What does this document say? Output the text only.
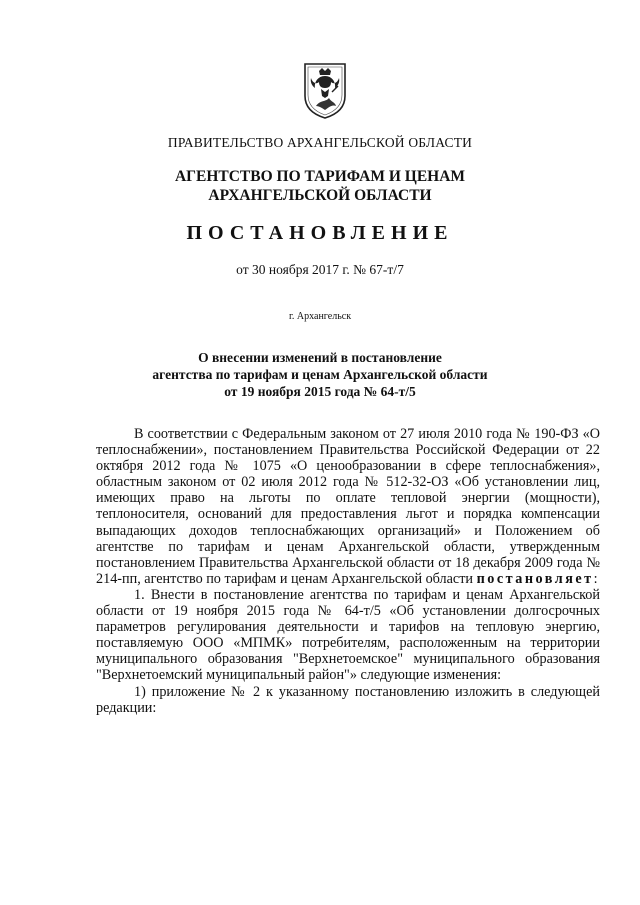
ПРАВИТЕЛЬСТВО АРХАНГЕЛЬСКОЙ ОБЛАСТИ
АГЕНТСТВО ПО ТАРИФАМ И ЦЕНАМ
АРХАНГЕЛЬСКОЙ ОБЛАСТИ
ПОСТАНОВЛЕНИЕ
от 30 ноября 2017 г. № 67-т/7
г. Архангельск
О внесении изменений в постановление
агентства по тарифам и ценам Архангельской области
от 19 ноября 2015 года № 64-т/5

В соответствии с Федеральным законом от 27 июля 2010 года № 190-ФЗ «О теплоснабжении», постановлением Правительства Российской Федерации от 22 октября 2012 года № 1075 «О ценообразовании в сфере теплоснабжения», областным законом от 02 июля 2012 года № 512-32-ОЗ «Об установлении лиц, имеющих право на льготы по оплате тепловой энергии (мощности), теплоносителя, оснований для предоставления льгот и порядка компенсации выпадающих доходов теплоснабжающих организаций» и Положением об агентстве по тарифам и ценам Архангельской области, утвержденным постановлением Правительства Архангельской области от 18 декабря 2009 года № 214-пп, агентство по тарифам и ценам Архангельской области постановляет:

1. Внести в постановление агентства по тарифам и ценам Архангельской области от 19 ноября 2015 года № 64-т/5 «Об установлении долгосрочных параметров регулирования деятельности и тарифов на тепловую энергию, поставляемую ООО «МПМК» потребителям, расположенным на территории муниципального образования "Верхнетоемское" муниципального образования "Верхнетоемский муниципальный район"» следующие изменения:

1) приложение № 2 к указанному постановлению изложить в следующей редакции:
